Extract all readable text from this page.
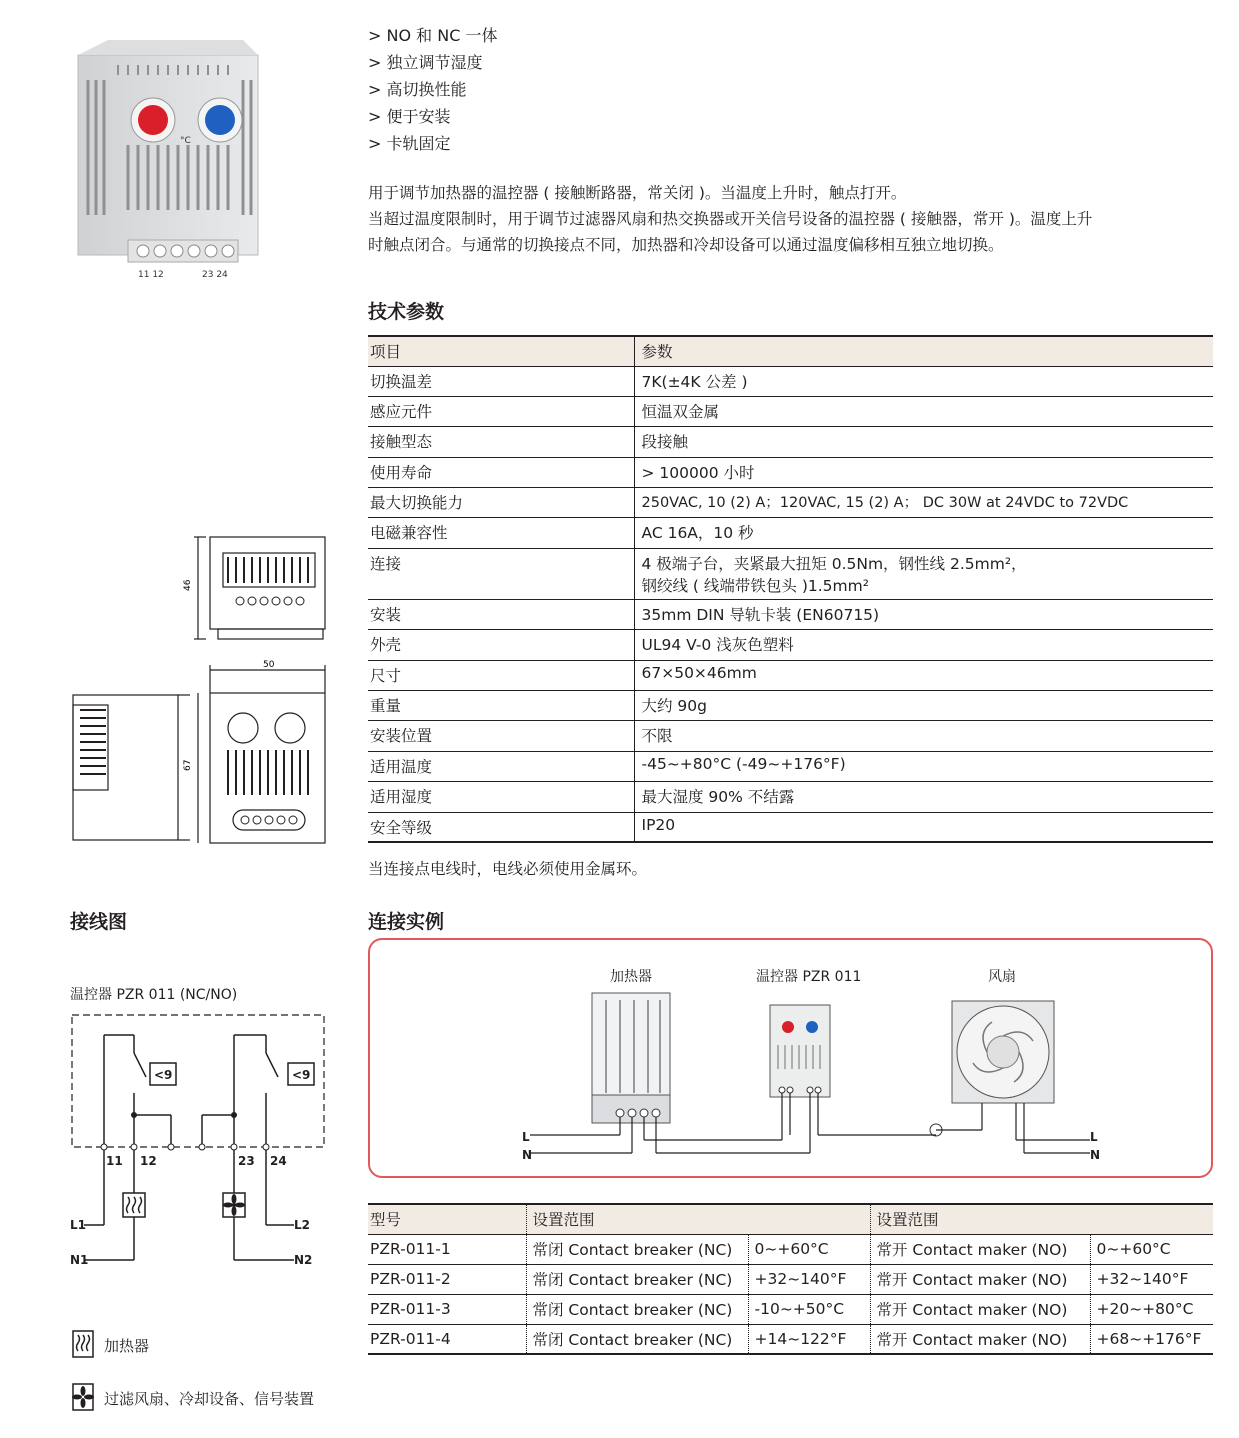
°C
11 12	23 24
> NO 和 NC 一体
> 独立调节湿度
> 高切换性能
> 便于安装
> 卡轨固定
用于调节加热器的温控器 ( 接触断路器，常关闭 )。当温度上升时，触点打开。
当超过温度限制时，用于调节过滤器风扇和热交换器或开关信号设备的温控器 ( 接触器，常开 )。温度上升
时触点闭合。与通常的切换接点不同，加热器和冷却设备可以通过温度偏移相互独立地切换。
技术参数
项目	参数
切换温差	7K(±4K 公差 )
感应元件	恒温双金属
接触型态	段接触
使用寿命	> 100000 小时
最大切换能力	250VAC, 10 (2) A；120VAC, 15 (2) A； DC 30W at 24VDC to 72VDC
电磁兼容性	AC 16A，10 秒
连接	4 极端子台，夹紧最大扭矩 0.5Nm，钢性线 2.5mm²，
钢绞线 ( 线端带铁包头 )1.5mm²

安装	35mm DIN 导轨卡装 (EN60715)
外壳	UL94 V-0 浅灰色塑料
尺寸	67×50×46mm
重量	大约 90g
安装位置	不限
适用温度	-45~+80°C (-49~+176°F)
适用湿度	最大湿度 90% 不结露
安全等级	IP20
当连接点电线时，电线必须使用金属环。
46
50
67
接线图
温控器 PZR 011 (NC/NO)
<9	<9
11 12	23 24
L1
N1
L2
N2
加热器
过滤风扇、冷却设备、信号装置
连接实例
加热器	温控器 PZR 011	风扇
L
N
L
N
型号	设置范围		设置范围	
PZR-011-1	常闭 Contact breaker (NC)	0~+60°C	常开 Contact maker (NO)	0~+60°C
PZR-011-2	常闭 Contact breaker (NC)	+32~140°F	常开 Contact maker (NO)	+32~140°F
PZR-011-3	常闭 Contact breaker (NC)	-10~+50°C	常开 Contact maker (NO)	+20~+80°C
PZR-011-4	常闭 Contact breaker (NC)	+14~122°F	常开 Contact maker (NO)	+68~+176°F
